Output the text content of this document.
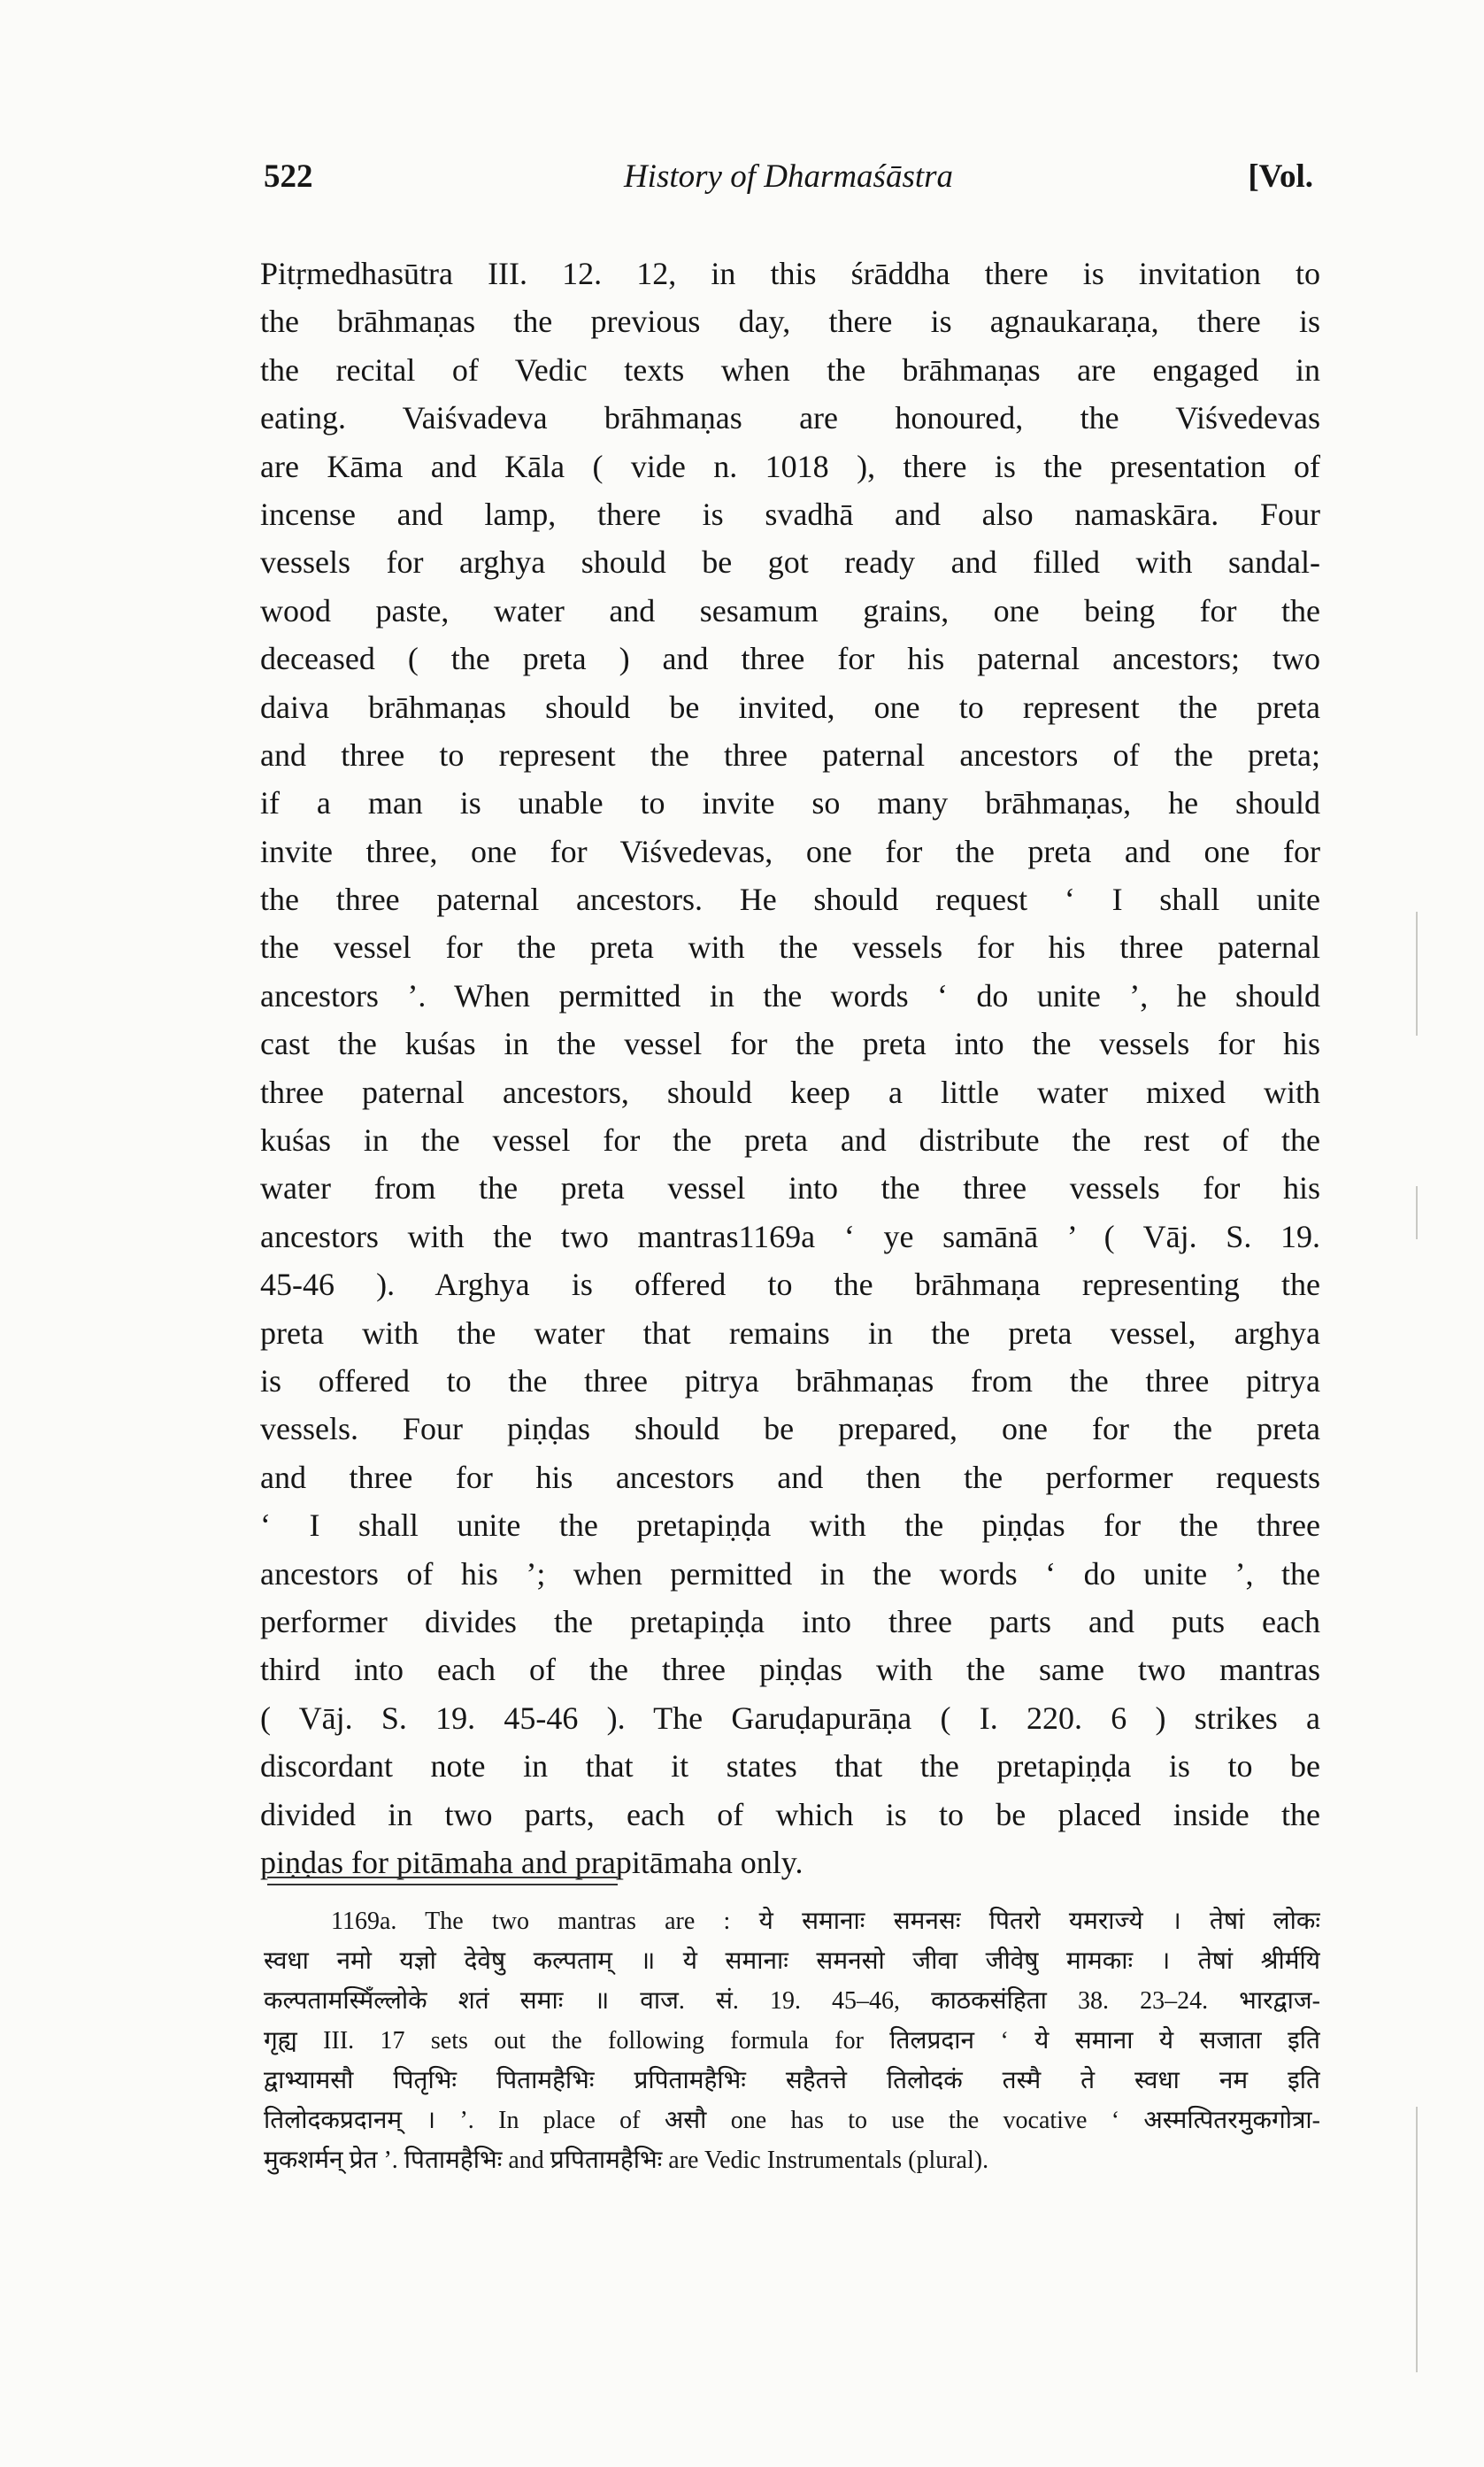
522	History of Dharmaśāstra	[Vol.
Pitṛmedhasūtra III. 12. 12, in this śrāddha there is invitation to
the brāhmaṇas the previous day, there is agnaukaraṇa, there is
the recital of Vedic texts when the brāhmaṇas are engaged in
eating. Vaiśvadeva brāhmaṇas are honoured, the Viśvedevas
are Kāma and Kāla ( vide n. 1018 ), there is the presentation of
incense and lamp, there is svadhā and also namaskāra. Four
vessels for arghya should be got ready and filled with sandal-
wood paste, water and sesamum grains, one being for the
deceased ( the preta ) and three for his paternal ancestors; two
daiva brāhmaṇas should be invited, one to represent the preta
and three to represent the three paternal ancestors of the preta;
if a man is unable to invite so many brāhmaṇas, he should
invite three, one for Viśvedevas, one for the preta and one for
the three paternal ancestors. He should request ‘ I shall unite
the vessel for the preta with the vessels for his three paternal
ancestors ’. When permitted in the words ‘ do unite ’, he should
cast the kuśas in the vessel for the preta into the vessels for his
three paternal ancestors, should keep a little water mixed with
kuśas in the vessel for the preta and distribute the rest of the
water from the preta vessel into the three vessels for his
ancestors with the two mantras1169a ‘ ye samānā ’ ( Vāj. S. 19.
45-46 ). Arghya is offered to the brāhmaṇa representing the
preta with the water that remains in the preta vessel, arghya
is offered to the three pitrya brāhmaṇas from the three pitrya
vessels. Four piṇḍas should be prepared, one for the preta
and three for his ancestors and then the performer requests
‘ I shall unite the pretapiṇḍa with the piṇḍas for the three
ancestors of his ’; when permitted in the words ‘ do unite ’, the
performer divides the pretapiṇḍa into three parts and puts each
third into each of the three piṇḍas with the same two mantras
( Vāj. S. 19. 45-46 ). The Garuḍapurāṇa ( I. 220. 6 ) strikes a
discordant note in that it states that the pretapiṇḍa is to be
divided in two parts, each of which is to be placed inside the
piṇḍas for pitāmaha and prapitāmaha only.
1169a. The two mantras are : ये समानाः समनसः पितरो यमराज्ये । तेषां लोकः
स्वधा नमो यज्ञो देवेषु कल्पताम् ॥ ये समानाः समनसो जीवा जीवेषु मामकाः । तेषां श्रीर्मयि
कल्पतामस्मिँल्लोके शतं समाः ॥ वाज. सं. 19. 45–46, काठकसंहिता 38. 23–24. भारद्वाज-
गृह्य III. 17 sets out the following formula for तिलप्रदान ‘ ये समाना ये सजाता इति
द्वाभ्यामसौ पितृभिः पितामहैभिः प्रपितामहैभिः सहैतत्ते तिलोदकं तस्मै ते स्वधा नम इति
तिलोदकप्रदानम् । ’. In place of असौ one has to use the vocative ‘ अस्मत्पितरमुकगोत्रा-
मुकशर्मन् प्रेत ’. पितामहैभिः and प्रपितामहैभिः are Vedic Instrumentals (plural).
